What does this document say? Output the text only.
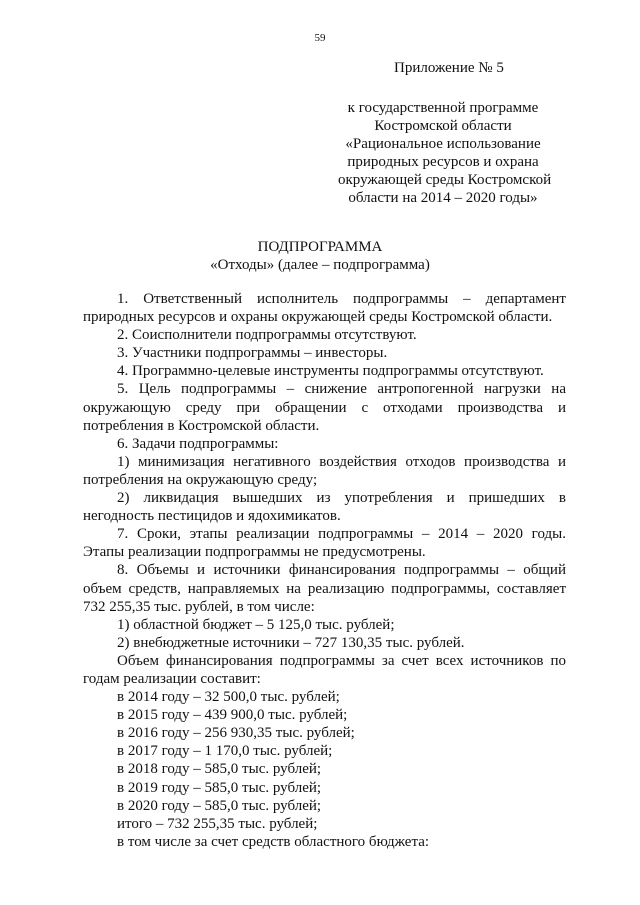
59
Приложение № 5
к государственной программе
Костромской области
«Рациональное использование
природных ресурсов и охрана
окружающей среды Костромской
области на 2014 – 2020 годы»
ПОДПРОГРАММА
«Отходы» (далее – подпрограмма)
1. Ответственный исполнитель подпрограммы – департамент
природных ресурсов и охраны окружающей среды Костромской области.
2. Соисполнители подпрограммы отсутствуют.
3. Участники подпрограммы – инвесторы.
4. Программно-целевые инструменты подпрограммы отсутствуют.
5. Цель подпрограммы – снижение антропогенной нагрузки на
окружающую среду при обращении с отходами производства и
потребления в Костромской области.
6. Задачи подпрограммы:
1) минимизация негативного воздействия отходов производства и
потребления на окружающую среду;
2) ликвидация вышедших из употребления и пришедших в
негодность пестицидов и ядохимикатов.
7. Сроки, этапы реализации подпрограммы – 2014 – 2020 годы.
Этапы реализации подпрограммы не предусмотрены.
8. Объемы и источники финансирования подпрограммы – общий
объем средств, направляемых на реализацию подпрограммы, составляет
732 255,35 тыс. рублей, в том числе:
1) областной бюджет – 5 125,0 тыс. рублей;
2) внебюджетные источники – 727 130,35 тыс. рублей.
Объем финансирования подпрограммы за счет всех источников по
годам реализации составит:
в 2014 году – 32 500,0 тыс. рублей;
в 2015 году – 439 900,0 тыс. рублей;
в 2016 году – 256 930,35 тыс. рублей;
в 2017 году – 1 170,0 тыс. рублей;
в 2018 году – 585,0 тыс. рублей;
в 2019 году – 585,0 тыс. рублей;
в 2020 году – 585,0 тыс. рублей;
итого – 732 255,35 тыс. рублей;
в том числе за счет средств областного бюджета:
